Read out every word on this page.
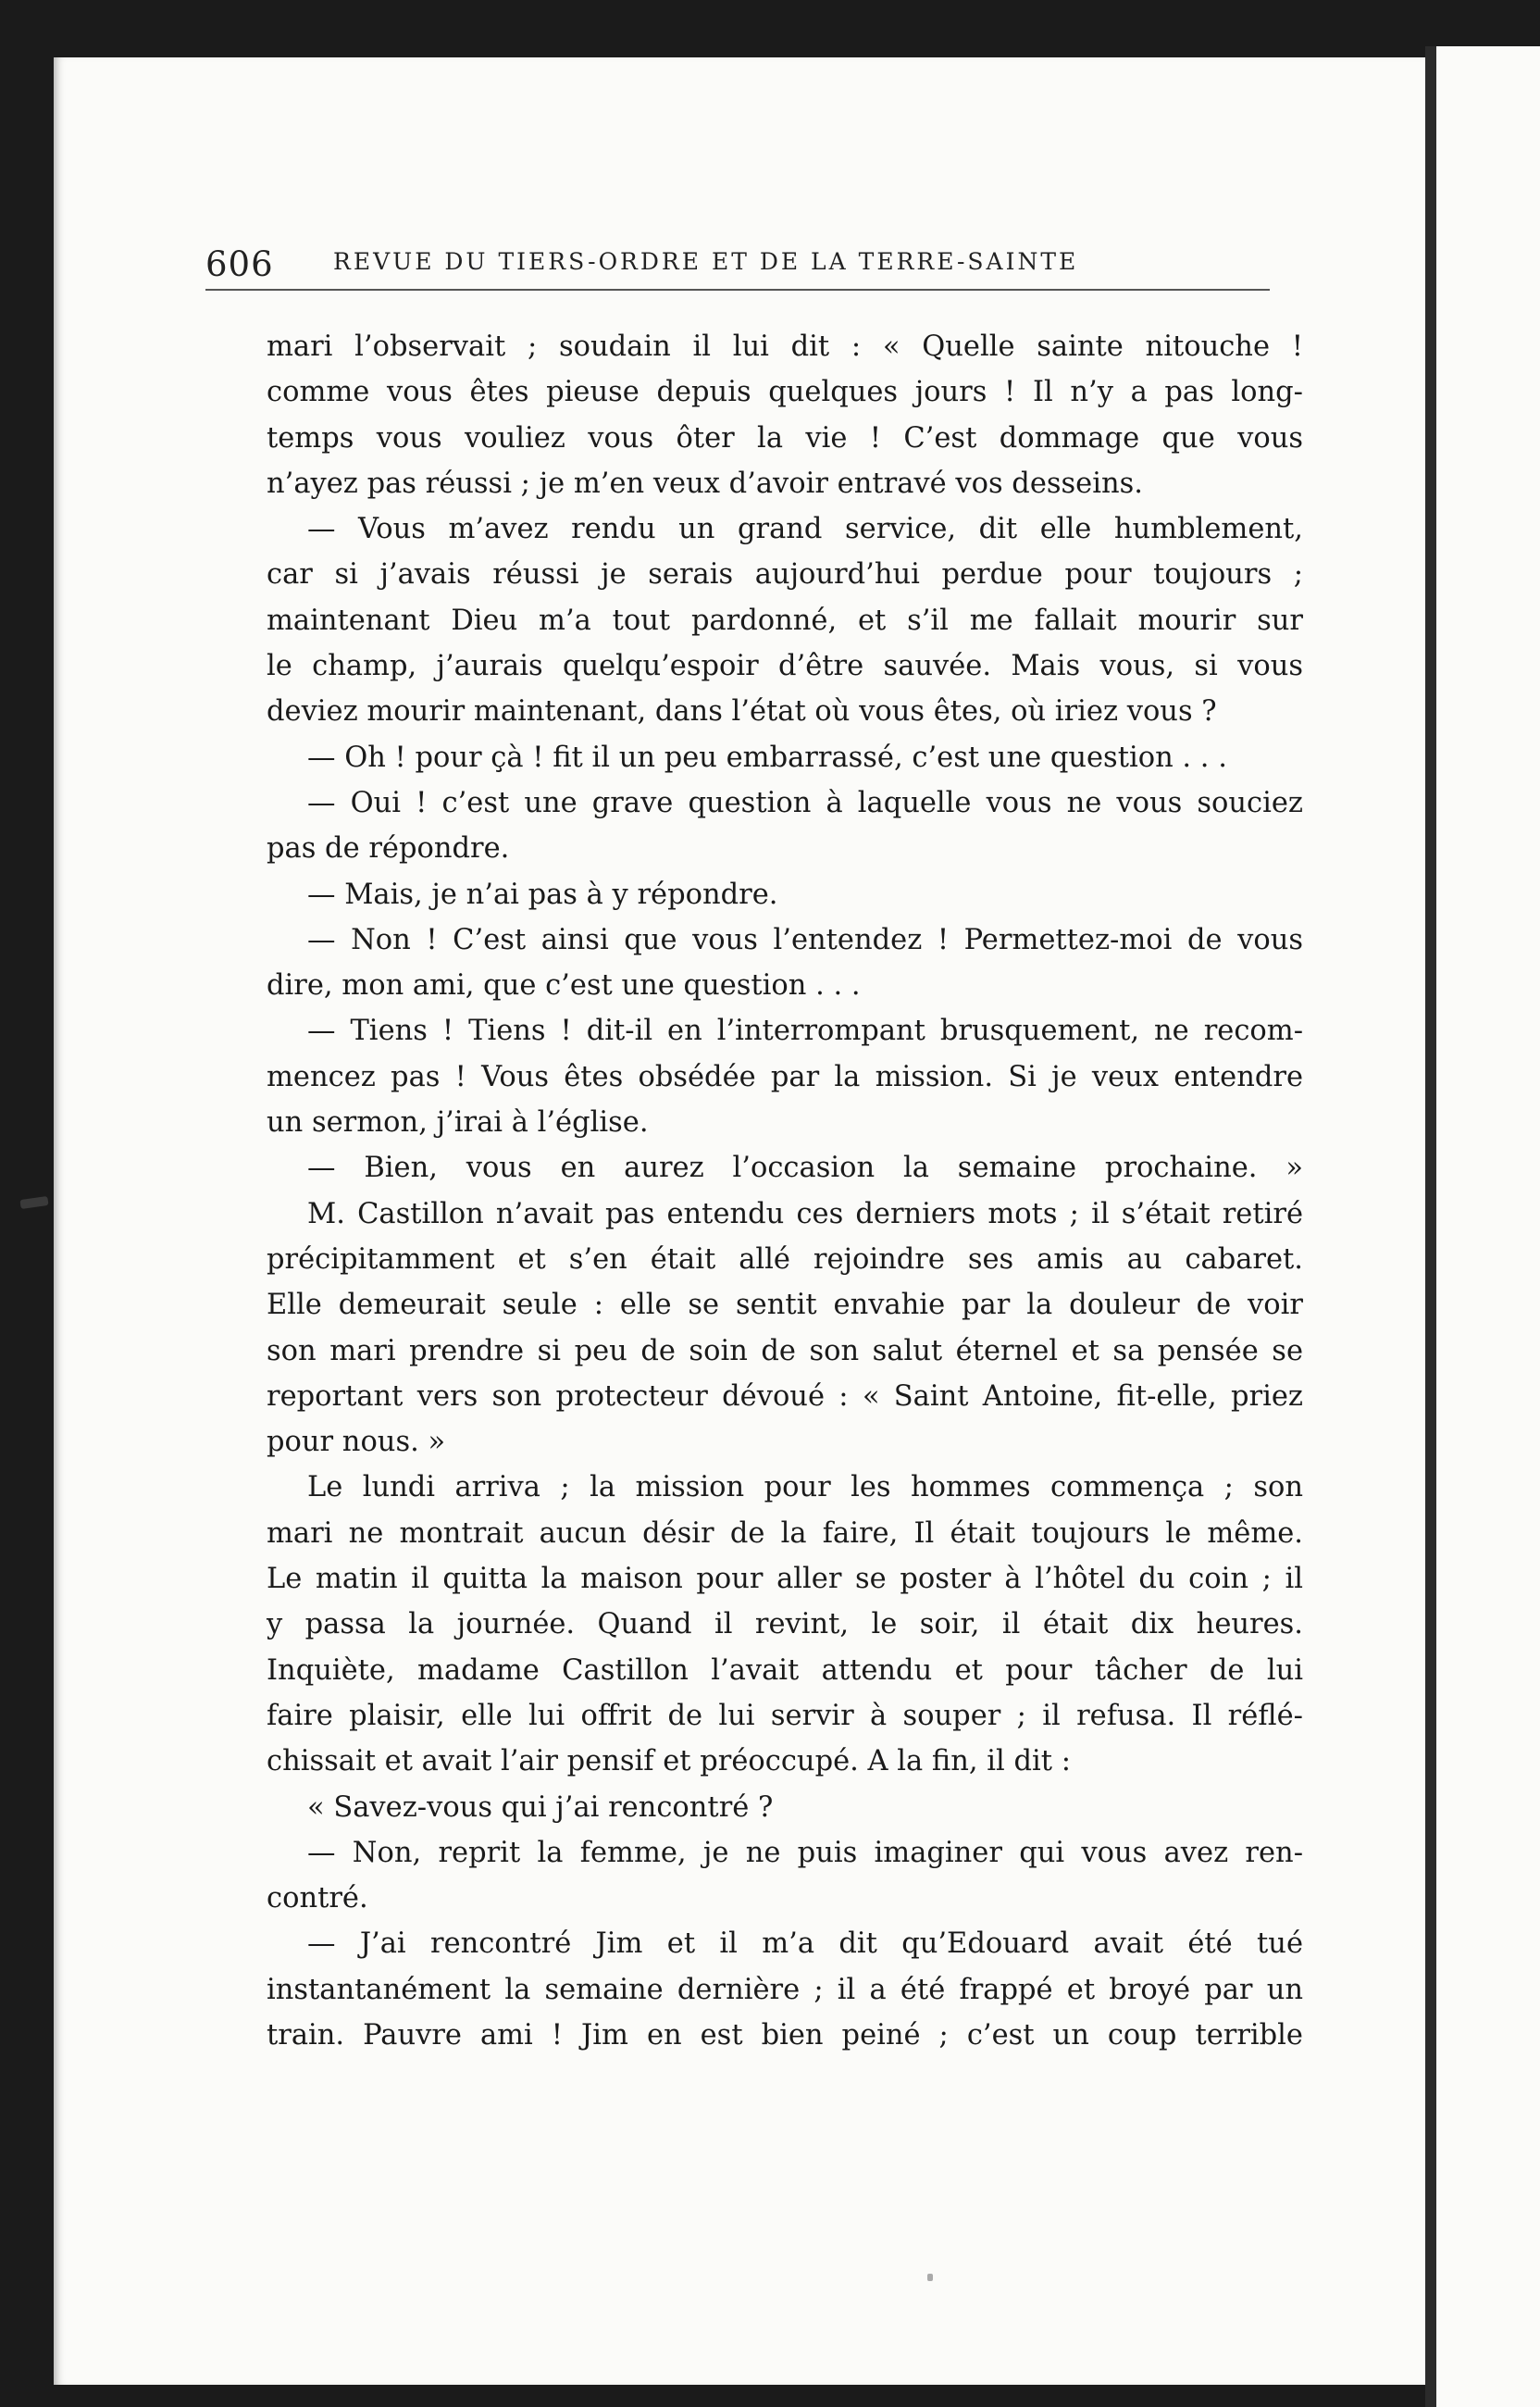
606	REVUE DU TIERS-ORDRE ET DE LA TERRE-SAINTE
mari l’observait ; soudain il lui dit : « Quelle sainte nitouche !
comme vous êtes pieuse depuis quelques jours ! Il n’y a pas long-
temps vous vouliez vous ôter la vie ! C’est dommage que vous
n’ayez pas réussi ; je m’en veux d’avoir entravé vos desseins.
— Vous m’avez rendu un grand service, dit elle humblement,
car si j’avais réussi je serais aujourd’hui perdue pour toujours ;
maintenant Dieu m’a tout pardonné, et s’il me fallait mourir sur
le champ, j’aurais quelqu’espoir d’être sauvée. Mais vous, si vous
deviez mourir maintenant, dans l’état où vous êtes, où iriez vous ?
— Oh ! pour çà ! fit il un peu embarrassé, c’est une question . . .
— Oui ! c’est une grave question à laquelle vous ne vous souciez
pas de répondre.
— Mais, je n’ai pas à y répondre.
— Non ! C’est ainsi que vous l’entendez ! Permettez-moi de vous
dire, mon ami, que c’est une question . . .
— Tiens ! Tiens ! dit-il en l’interrompant brusquement, ne recom-
mencez pas ! Vous êtes obsédée par la mission. Si je veux entendre
un sermon, j’irai à l’église.
— Bien, vous en aurez l’occasion la semaine prochaine. »
M. Castillon n’avait pas entendu ces derniers mots ; il s’était retiré
précipitamment et s’en était allé rejoindre ses amis au cabaret.
Elle demeurait seule : elle se sentit envahie par la douleur de voir
son mari prendre si peu de soin de son salut éternel et sa pensée se
reportant vers son protecteur dévoué : « Saint Antoine, fit-elle, priez
pour nous. »
Le lundi arriva ; la mission pour les hommes commença ; son
mari ne montrait aucun désir de la faire, Il était toujours le même.
Le matin il quitta la maison pour aller se poster à l’hôtel du coin ; il
y passa la journée. Quand il revint, le soir, il était dix heures.
Inquiète, madame Castillon l’avait attendu et pour tâcher de lui
faire plaisir, elle lui offrit de lui servir à souper ; il refusa. Il réflé-
chissait et avait l’air pensif et préoccupé. A la fin, il dit :
« Savez-vous qui j’ai rencontré ?
— Non, reprit la femme, je ne puis imaginer qui vous avez ren-
contré.
— J’ai rencontré Jim et il m’a dit qu’Edouard avait été tué
instantanément la semaine dernière ; il a été frappé et broyé par un
train. Pauvre ami ! Jim en est bien peiné ; c’est un coup terrible
